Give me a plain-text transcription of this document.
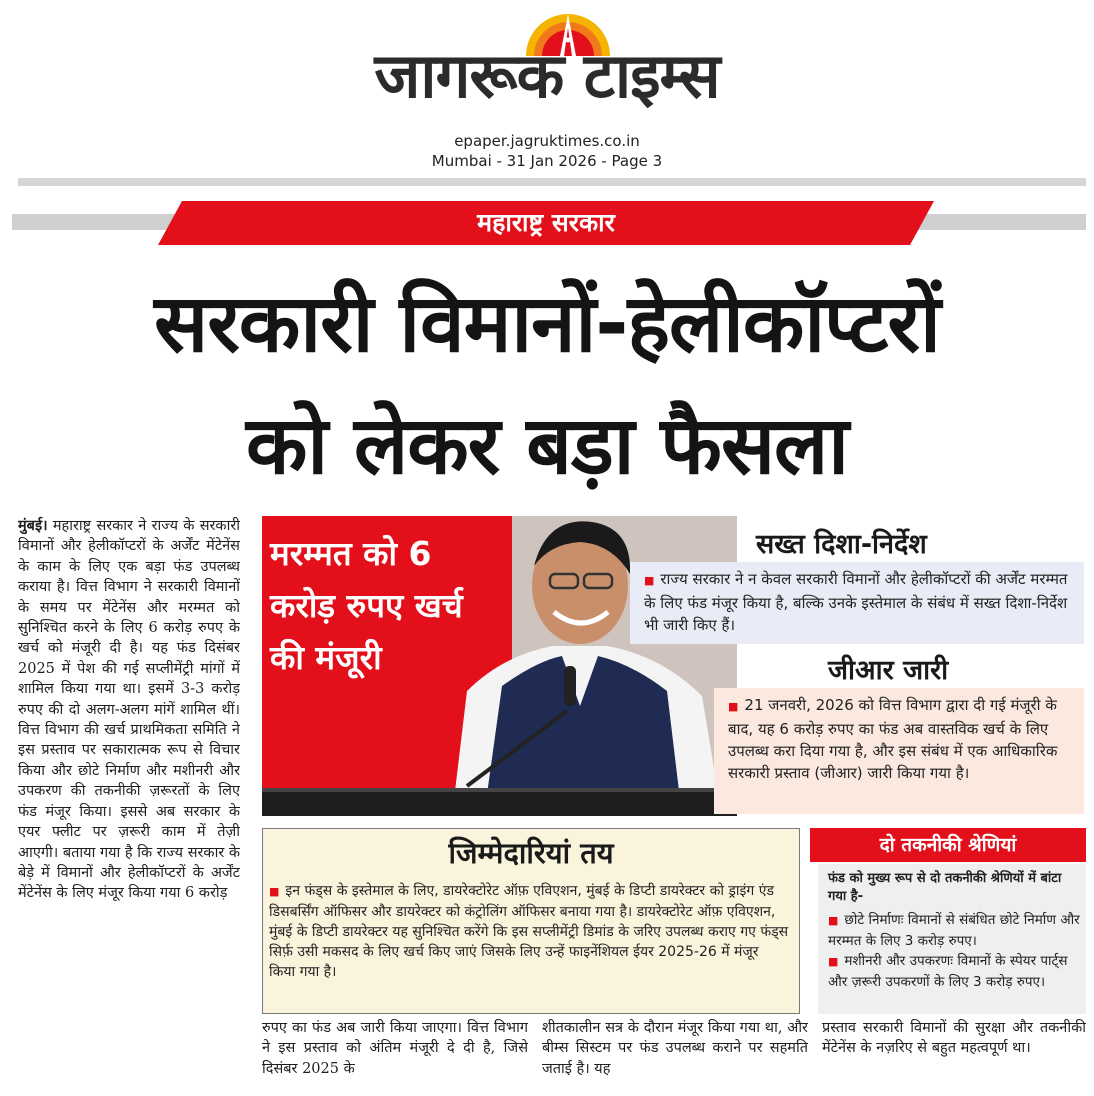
जागरूक टाइम्स
epaper.jagruktimes.co.in
Mumbai - 31 Jan 2026 - Page 3
महाराष्ट्र सरकार
सरकारी विमानों-हेलीकॉप्टरों
को लेकर बड़ा फैसला
मुंबई। महाराष्ट्र सरकार ने राज्य के सरकारी विमानों और हेलीकॉप्टरों के अर्जेंट मेंटेनेंस के काम के लिए एक बड़ा फंड उपलब्ध कराया है। वित्त विभाग ने सरकारी विमानों के समय पर मेंटेनेंस और मरम्मत को सुनिश्चित करने के लिए 6 करोड़ रुपए के खर्च को मंजूरी दी है। यह फंड दिसंबर 2025 में पेश की गई सप्लीमेंट्री मांगों में शामिल किया गया था। इसमें 3-3 करोड़ रुपए की दो अलग-अलग मांगें शामिल थीं। वित्त विभाग की खर्च प्राथमिकता समिति ने इस प्रस्ताव पर सकारात्मक रूप से विचार किया और छोटे निर्माण और मशीनरी और उपकरण की तकनीकी ज़रूरतों के लिए फंड मंजूर किया। इससे अब सरकार के एयर फ्लीट पर ज़रूरी काम में तेज़ी आएगी। बताया गया है कि राज्य सरकार के बेड़े में विमानों और हेलीकॉप्टरों के अर्जेंट मेंटेनेंस के लिए मंजूर किया गया 6 करोड़
मरम्मत को 6 करोड़ रुपए खर्च की मंजूरी
■ राज्य सरकार ने न केवल सरकारी विमानों और हेलीकॉप्टरों की अर्जेंट मरम्मत के लिए फंड मंजूर किया है, बल्कि उनके इस्तेमाल के संबंध में सख्त दिशा-निर्देश भी जारी किए हैं।
सख्त दिशा-निर्देश
■ 21 जनवरी, 2026 को वित्त विभाग द्वारा दी गई मंजूरी के बाद, यह 6 करोड़ रुपए का फंड अब वास्तविक खर्च के लिए उपलब्ध करा दिया गया है, और इस संबंध में एक आधिकारिक सरकारी प्रस्ताव (जीआर) जारी किया गया है।
जीआर जारी
जिम्मेदारियां तय
■ इन फंड्स के इस्तेमाल के लिए, डायरेक्टोरेट ऑफ़ एविएशन, मुंबई के डिप्टी डायरेक्टर को ड्राइंग एंड डिसबर्सिंग ऑफिसर और डायरेक्टर को कंट्रोलिंग ऑफिसर बनाया गया है। डायरेक्टोरेट ऑफ़ एविएशन, मुंबई के डिप्टी डायरेक्टर यह सुनिश्चित करेंगे कि इस सप्लीमेंट्री डिमांड के जरिए उपलब्ध कराए गए फंड्स सिर्फ़ उसी मकसद के लिए खर्च किए जाएं जिसके लिए उन्हें फाइनेंशियल ईयर 2025-26 में मंजूर किया गया है।
दो तकनीकी श्रेणियां
फंड को मुख्य रूप से दो तकनीकी श्रेणियों में बांटा गया है-
■ छोटे निर्माणः विमानों से संबंधित छोटे निर्माण और मरम्मत के लिए 3 करोड़ रुपए।
■ मशीनरी और उपकरणः विमानों के स्पेयर पार्ट्स और ज़रूरी उपकरणों के लिए 3 करोड़ रुपए।
रुपए का फंड अब जारी किया जाएगा। वित्त विभाग ने इस प्रस्ताव को अंतिम मंजूरी दे दी है, जिसे दिसंबर 2025 के
शीतकालीन सत्र के दौरान मंजूर किया गया था, और बीम्स सिस्टम पर फंड उपलब्ध कराने पर सहमति जताई है। यह
प्रस्ताव सरकारी विमानों की सुरक्षा और तकनीकी मेंटेनेंस के नज़रिए से बहुत महत्वपूर्ण था।
